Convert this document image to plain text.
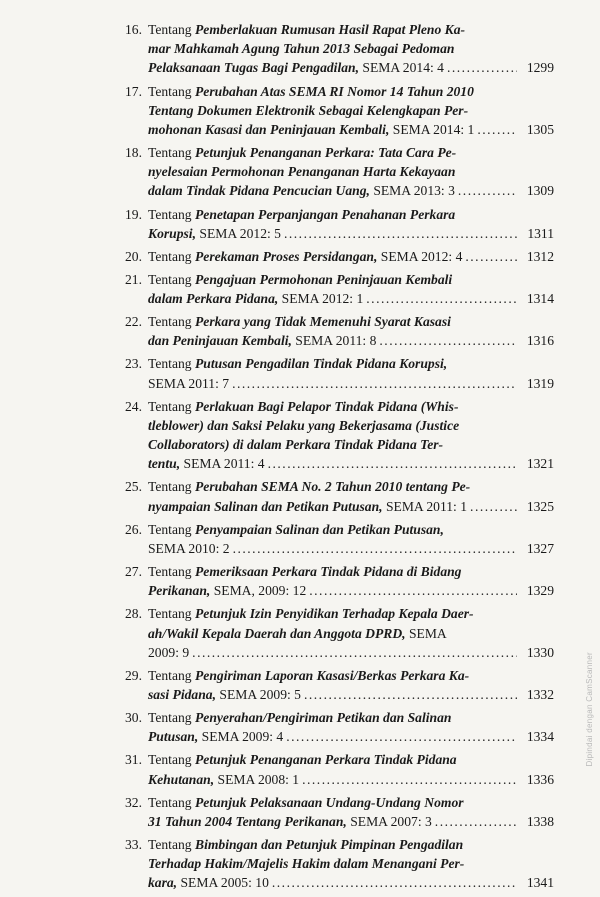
16. Tentang Pemberlakuan Rumusan Hasil Rapat Pleno Ka-
mar Mahkamah Agung Tahun 2013 Sebagai Pedoman
Pelaksanaan Tugas Bagi Pengadilan, SEMA 2014: 4 .....	1299
17. Tentang Perubahan Atas SEMA RI Nomor 14 Tahun 2010
Tentang Dokumen Elektronik Sebagai Kelengkapan Per-
mohonan Kasasi dan Peninjauan Kembali, SEMA 2014: 1 .....	1305
18. Tentang Petunjuk Penanganan Perkara: Tata Cara Pe-
nyelesaian Permohonan Penanganan Harta Kekayaan
dalam Tindak Pidana Pencucian Uang, SEMA 2013: 3 .....	1309
19. Tentang Penetapan Perpanjangan Penahanan Perkara
Korupsi, SEMA 2012: 5 .....	1311
20. Tentang Perekaman Proses Persidangan, SEMA 2012: 4 .....	1312
21. Tentang Pengajuan Permohonan Peninjauan Kembali
dalam Perkara Pidana, SEMA 2012: 1 .....	1314
22. Tentang Perkara yang Tidak Memenuhi Syarat Kasasi
dan Peninjauan Kembali, SEMA 2011: 8 .....	1316
23. Tentang Putusan Pengadilan Tindak Pidana Korupsi,
SEMA 2011: 7 .....	1319
24. Tentang Perlakuan Bagi Pelapor Tindak Pidana (Whis-
tleblower) dan Saksi Pelaku yang Bekerjasama (Justice
Collaborators) di dalam Perkara Tindak Pidana Ter-
tentu, SEMA 2011: 4 .....	1321
25. Tentang Perubahan SEMA No. 2 Tahun 2010 tentang Pe-
nyampaian Salinan dan Petikan Putusan, SEMA 2011: 1 .....	1325
26. Tentang Penyampaian Salinan dan Petikan Putusan,
SEMA 2010: 2 .....	1327
27. Tentang Pemeriksaan Perkara Tindak Pidana di Bidang
Perikanan, SEMA, 2009: 12 .....	1329
28. Tentang Petunjuk Izin Penyidikan Terhadap Kepala Daer-
ah/Wakil Kepala Daerah dan Anggota DPRD, SEMA
2009: 9 .....	1330
29. Tentang Pengiriman Laporan Kasasi/Berkas Perkara Ka-
sasi Pidana, SEMA 2009: 5 .....	1332
30. Tentang Penyerahan/Pengiriman Petikan dan Salinan
Putusan, SEMA 2009: 4 .....	1334
31. Tentang Petunjuk Penanganan Perkara Tindak Pidana
Kehutanan, SEMA 2008: 1 .....	1336
32. Tentang Petunjuk Pelaksanaan Undang-Undang Nomor
31 Tahun 2004 Tentang Perikanan, SEMA 2007: 3 .....	1338
33. Tentang Bimbingan dan Petunjuk Pimpinan Pengadilan
Terhadap Hakim/Majelis Hakim dalam Menangani Per-
kara, SEMA 2005: 10 .....	1341
Dipindai dengan CamScanner
